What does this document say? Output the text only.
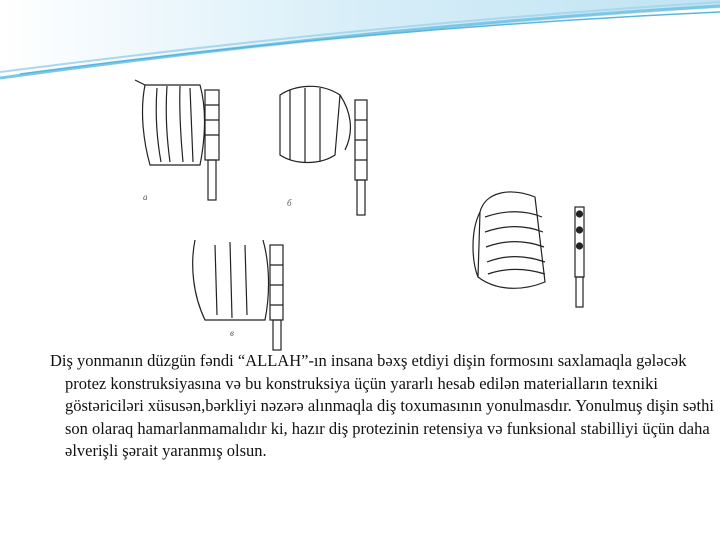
а
б
в

Diş yonmanın düzgün fəndi “ALLAH”-ın insana bəxş etdiyi dişin formosını saxlamaqla gələcək protez konstruksiyasına və bu konstruksiya üçün yararlı hesab edilən materialların texniki göstəriciləri xüsusən,bərkliyi nəzərə alınmaqla diş toxumasının yonulmasdır. Yonulmuş dişin səthi son olaraq hamarlanmamalıdır ki, hazır diş protezinin retensiya və funksional stabilliyi üçün daha əlverişli şərait yaranmış olsun.
